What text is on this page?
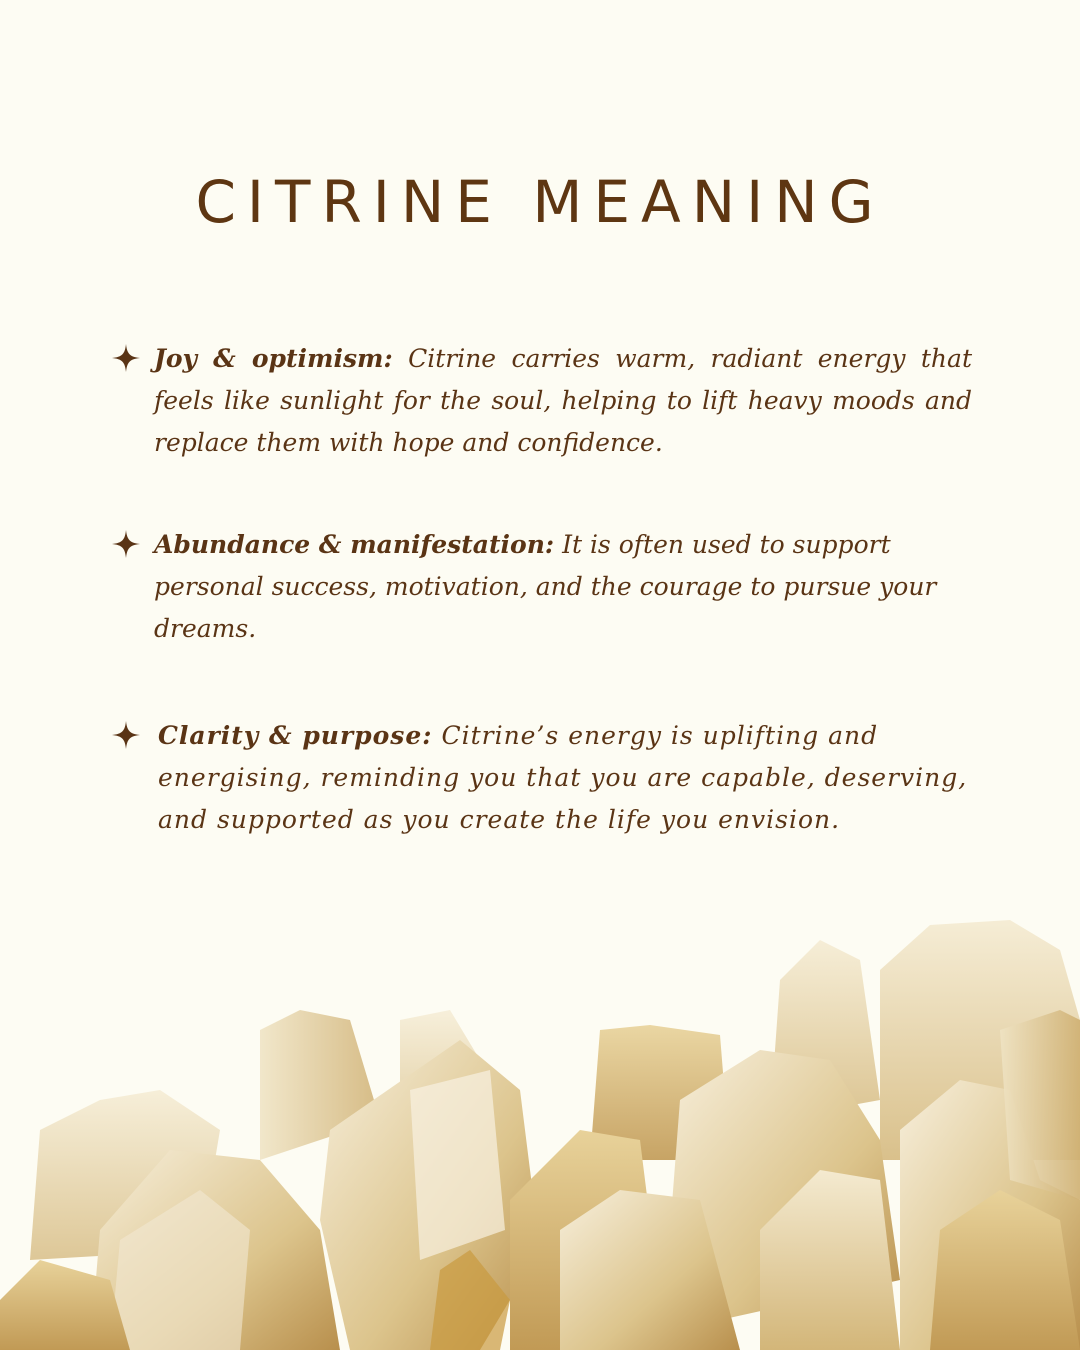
CITRINE MEANING
Joy & optimism: Citrine carries warm, radiant energy that feels like sunlight for the soul, helping to lift heavy moods and replace them with hope and confidence.
Abundance & manifestation: It is often used to support personal success, motivation, and the courage to pursue your dreams.
Clarity & purpose: Citrine’s energy is uplifting and energising, reminding you that you are capable, deserving, and supported as you create the life you envision.
